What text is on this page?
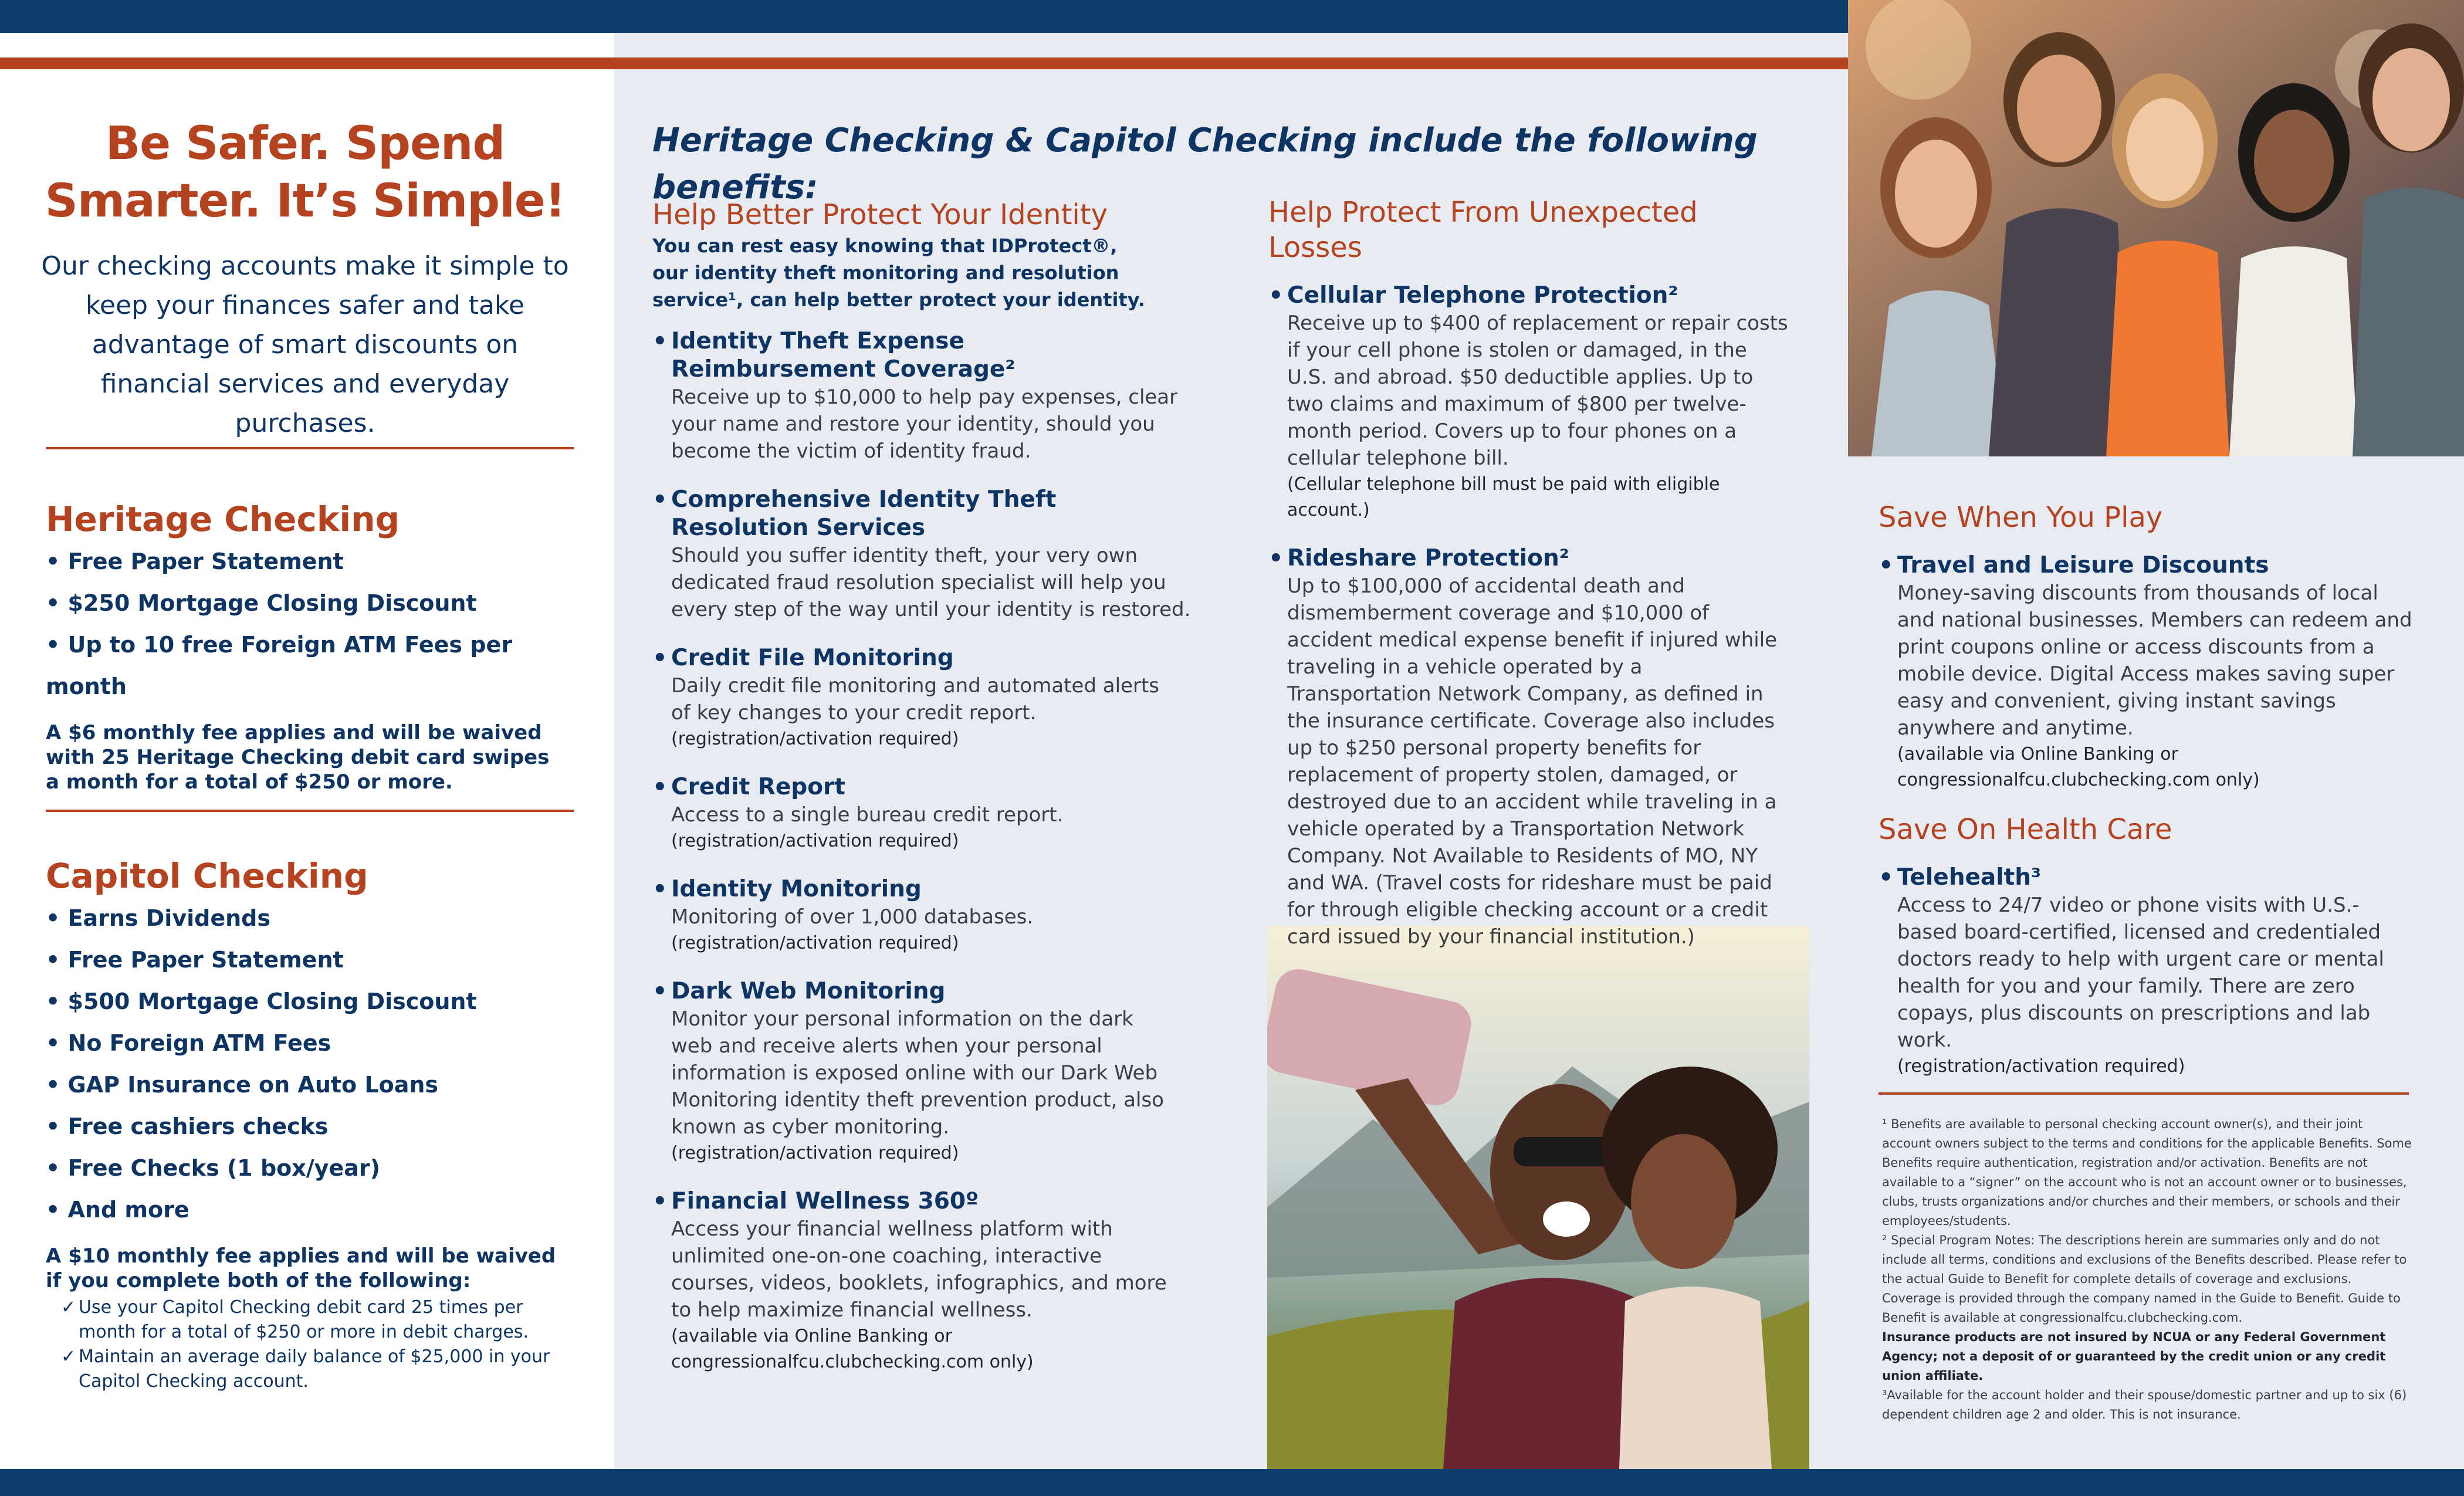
Be Safer. Spend Smarter. It’s Simple!
Our checking accounts make it simple to keep your finances safer and take advantage of smart discounts on financial services and everyday purchases.
Heritage Checking
• Free Paper Statement
• $250 Mortgage Closing Discount
• Up to 10 free Foreign ATM Fees per month
A $6 monthly fee applies and will be waived with 25 Heritage Checking debit card swipes a month for a total of $250 or more.
Capitol Checking
• Earns Dividends
• Free Paper Statement
• $500 Mortgage Closing Discount
• No Foreign ATM Fees
• GAP Insurance on Auto Loans
• Free cashiers checks
• Free Checks (1 box/year)
• And more
A $10 monthly fee applies and will be waived if you complete both of the following:
✓ Use your Capitol Checking debit card 25 times per month for a total of $250 or more in debit charges.
✓ Maintain an average daily balance of $25,000 in your Capitol Checking account.
Heritage Checking & Capitol Checking include the following benefits:
Help Better Protect Your Identity
You can rest easy knowing that IDProtect®, our identity theft monitoring and resolution service¹, can help better protect your identity.
• Identity Theft Expense Reimbursement Coverage²
Receive up to $10,000 to help pay expenses, clear your name and restore your identity, should you become the victim of identity fraud.
• Comprehensive Identity Theft Resolution Services
Should you suffer identity theft, your very own dedicated fraud resolution specialist will help you every step of the way until your identity is restored.
• Credit File Monitoring
Daily credit file monitoring and automated alerts of key changes to your credit report.
(registration/activation required)
• Credit Report
Access to a single bureau credit report.
(registration/activation required)
• Identity Monitoring
Monitoring of over 1,000 databases.
(registration/activation required)
• Dark Web Monitoring
Monitor your personal information on the dark web and receive alerts when your personal information is exposed online with our Dark Web Monitoring identity theft prevention product, also known as cyber monitoring.
(registration/activation required)
• Financial Wellness 360º
Access your financial wellness platform with unlimited one-on-one coaching, interactive courses, videos, booklets, infographics, and more to help maximize financial wellness.
(available via Online Banking or congressionalfcu.clubchecking.com only)
Help Protect From Unexpected Losses
• Cellular Telephone Protection²
Receive up to $400 of replacement or repair costs if your cell phone is stolen or damaged, in the U.S. and abroad. $50 deductible applies. Up to two claims and maximum of $800 per twelve-month period. Covers up to four phones on a cellular telephone bill.
(Cellular telephone bill must be paid with eligible account.)
• Rideshare Protection²
Up to $100,000 of accidental death and dismemberment coverage and $10,000 of accident medical expense benefit if injured while traveling in a vehicle operated by a Transportation Network Company, as defined in the insurance certificate. Coverage also includes up to $250 personal property benefits for replacement of property stolen, damaged, or destroyed due to an accident while traveling in a vehicle operated by a Transportation Network Company. Not Available to Residents of MO, NY and WA. (Travel costs for rideshare must be paid for through eligible checking account or a credit card issued by your financial institution.)
Save When You Play
• Travel and Leisure Discounts
Money-saving discounts from thousands of local and national businesses. Members can redeem and print coupons online or access discounts from a mobile device. Digital Access makes saving super easy and convenient, giving instant savings anywhere and anytime.
(available via Online Banking or congressionalfcu.clubchecking.com only)
Save On Health Care
• Telehealth³
Access to 24/7 video or phone visits with U.S.-based board-certified, licensed and credentialed doctors ready to help with urgent care or mental health for you and your family. There are zero copays, plus discounts on prescriptions and lab work.
(registration/activation required)
¹ Benefits are available to personal checking account owner(s), and their joint account owners subject to the terms and conditions for the applicable Benefits. Some Benefits require authentication, registration and/or activation. Benefits are not available to a “signer” on the account who is not an account owner or to businesses, clubs, trusts organizations and/or churches and their members, or schools and their employees/students.
² Special Program Notes: The descriptions herein are summaries only and do not include all terms, conditions and exclusions of the Benefits described. Please refer to the actual Guide to Benefit for complete details of coverage and exclusions. Coverage is provided through the company named in the Guide to Benefit. Guide to Benefit is available at congressionalfcu.clubchecking.com.
Insurance products are not insured by NCUA or any Federal Government Agency; not a deposit of or guaranteed by the credit union or any credit union affiliate.
³Available for the account holder and their spouse/domestic partner and up to six (6) dependent children age 2 and older. This is not insurance.
